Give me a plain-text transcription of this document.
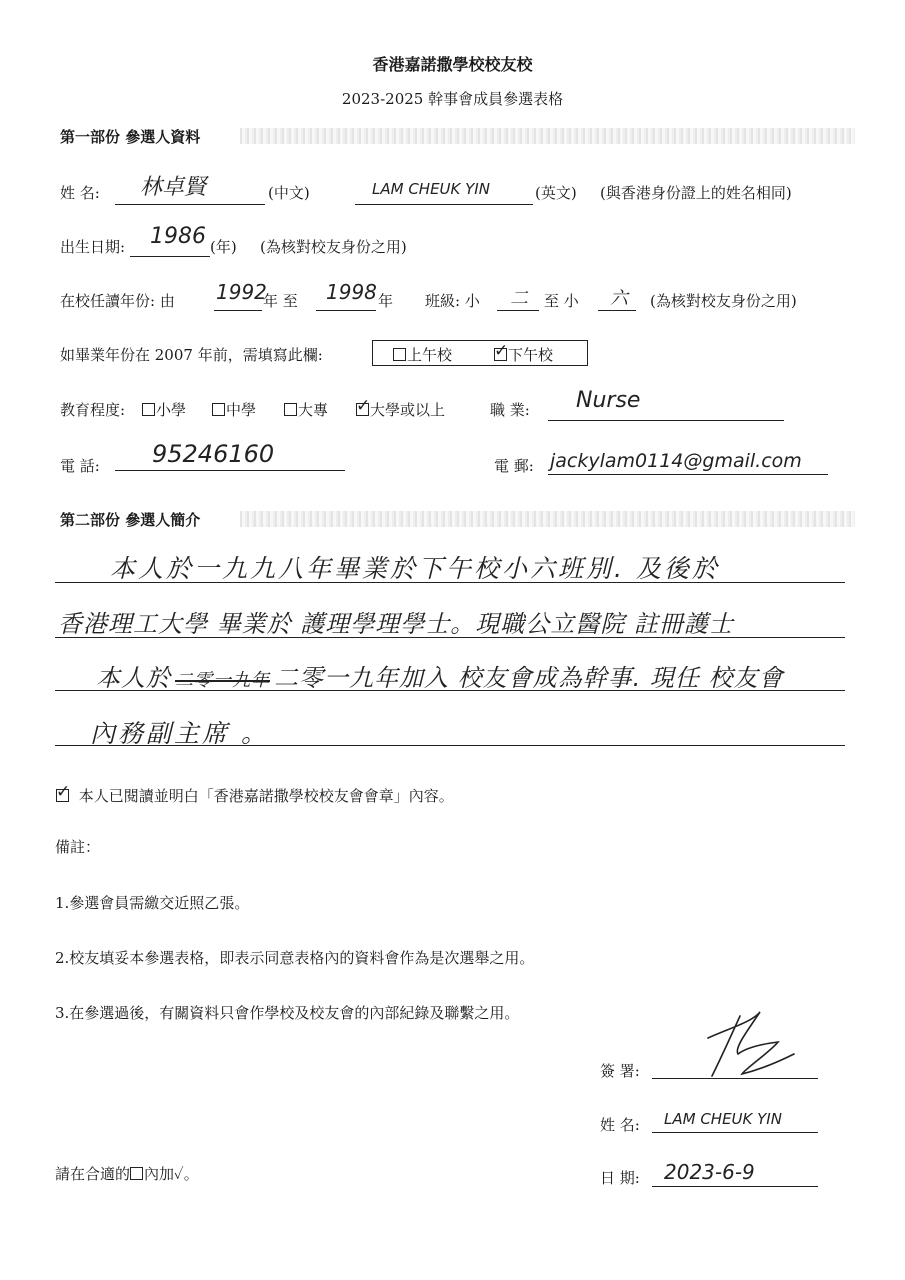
香港嘉諾撒學校校友校
2023-2025 幹事會成員參選表格
第一部份 參選人資料
姓 名: 林卓賢	(中文)	LAM CHEUK YIN	(英文) (與香港身份證上的姓名相同)
出生日期: 1986 (年) (為核對校友身份之用)
在校任讀年份: 由 1992
年 至 1998 年 班級: 小 二 至 小 六 (為核對校友身份之用)
如畢業年份在 2007 年前，需填寫此欄:	上午校 ✓ 下午校
教育程度:	小學	中學	大專 ✓ 大學或以上	職 業: Nurse
電 話: 95246160	電 郵: jackylam0114@gmail.com
第二部份 參選人簡介
本人於一九九八年畢業於下午校小六班別. 及後於
香港理工大學 畢業於 護理學理學士。現職公立醫院 註冊護士
本人於 二零一九年 二零一九年加入 校友會成為幹事. 現任 校友會
內務副主席 。
✓ 本人已閱讀並明白「香港嘉諾撒學校校友會會章」內容。
備註：
1.參選會員需繳交近照乙張。
2.校友填妥本參選表格，即表示同意表格內的資料會作為是次選舉之用。
3.在參選過後，有關資料只會作學校及校友會的內部紀錄及聯繫之用。
簽 署:
姓 名: LAM CHEUK YIN
請在合適的 內加✓。	日 期: 2023-6-9
